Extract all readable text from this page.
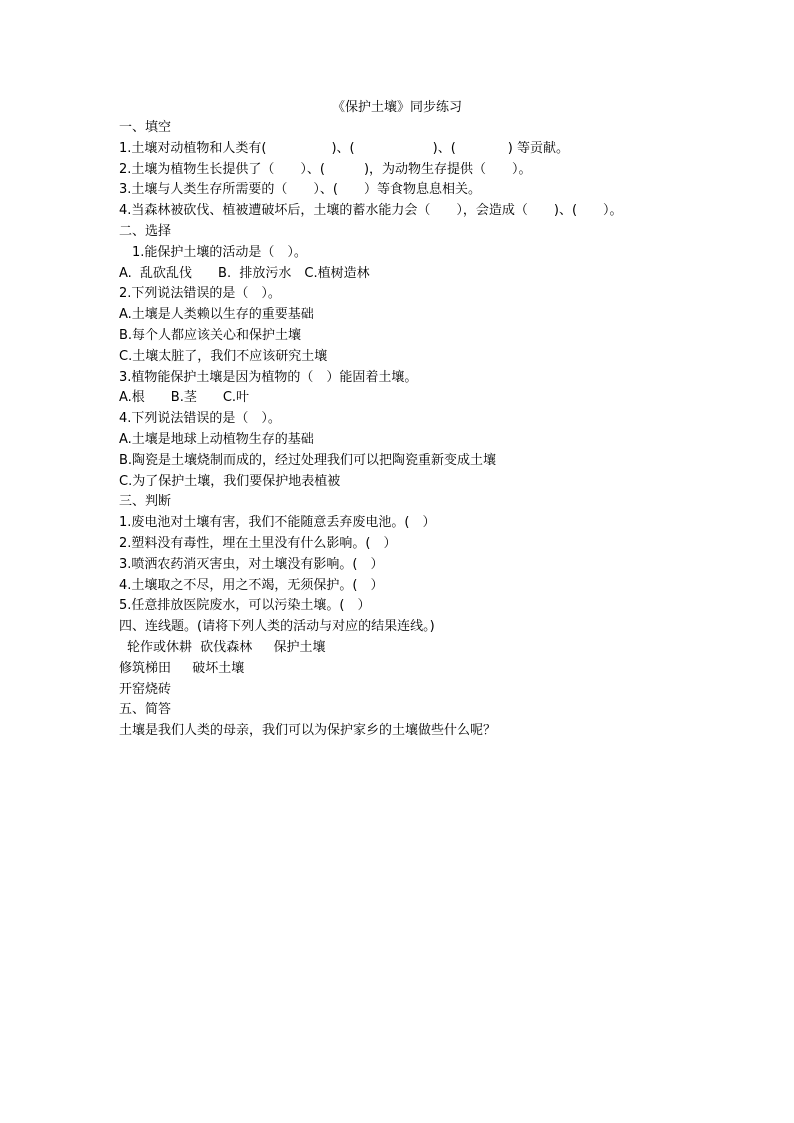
《保护土壤》同步练习
一、填空
1.土壤对动植物和人类有(　　　　　)、(　　　　　　)、(　　　　) 等贡献。
2.土壤为植物生长提供了（　　）、(　　　)，为动物生存提供（　　）。
3.土壤与人类生存所需要的（　　）、(　　）等食物息息相关。
4.当森林被砍伐、植被遭破坏后，土壤的蓄水能力会（　　），会造成（　　)、(　　）。
二、选择
1.能保护土壤的活动是（　）。
A.  乱砍乱伐　　B.  排放污水　C.植树造林
2.下列说法错误的是（　）。
A.土壤是人类赖以生存的重要基础
B.每个人都应该关心和保护土壤
C.土壤太脏了，我们不应该研究土壤
3.植物能保护土壤是因为植物的（　）能固着土壤。
A.根　　B.茎　　C.叶
4.下列说法错误的是（　）。
A.土壤是地球上动植物生存的基础
B.陶瓷是土壤烧制而成的，经过处理我们可以把陶瓷重新变成土壤
C.为了保护土壤，我们要保护地表植被
三、判断
1.废电池对土壤有害，我们不能随意丢弃废电池。(　）
2.塑料没有毒性，埋在土里没有什么影响。(　）
3.喷洒农药消灭害虫，对土壤没有影响。(　）
4.土壤取之不尽，用之不竭，无须保护。(　）
5.任意排放医院废水，可以污染土壤。(　）
四、连线题。(请将下列人类的活动与对应的结果连线。)
轮作或休耕  砍伐森林　  保护土壤
修筑梯田　  破坏土壤
开窑烧砖
五、简答
土壤是我们人类的母亲，我们可以为保护家乡的土壤做些什么呢？
